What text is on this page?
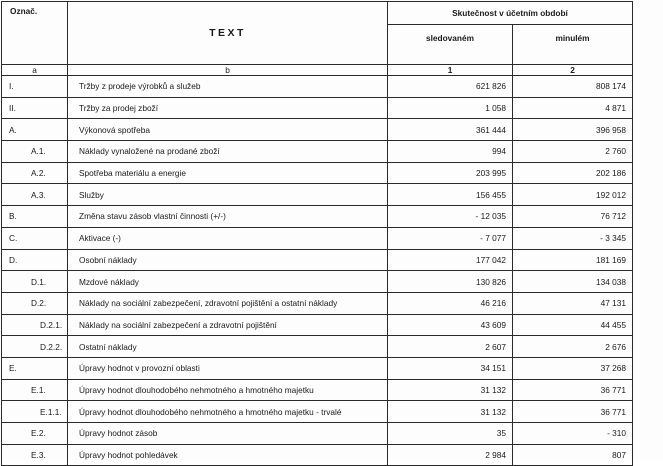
Označ.	TEXT	Skutečnost v účetním období	
		sledovaném	minulém
a	b	1	2
I.	Tržby z prodeje výrobků a služeb	621 826	808 174
II.	Tržby za prodej zboží	1 058	4 871
A.	Výkonová spotřeba	361 444	396 958
A.1.	Náklady vynaložené na prodané zboží	994	2 760
A.2.	Spotřeba materiálu a energie	203 995	202 186
A.3.	Služby	156 455	192 012
B.	Změna stavu zásob vlastní činnosti (+/-)	- 12 035	76 712
C.	Aktivace (-)	- 7 077	- 3 345
D.	Osobní náklady	177 042	181 169
D.1.	Mzdové náklady	130 826	134 038
D.2.	Náklady na sociální zabezpečení, zdravotní pojištění a ostatní náklady	46 216	47 131
D.2.1.	Náklady na sociální zabezpečení a zdravotní pojištění	43 609	44 455
D.2.2.	Ostatní náklady	2 607	2 676
E.	Úpravy hodnot v provozní oblasti	34 151	37 268
E.1.	Úpravy hodnot dlouhodobého nehmotného a hmotného majetku	31 132	36 771
E.1.1.	Úpravy hodnot dlouhodobého nehmotného a hmotného majetku - trvalé	31 132	36 771
E.2.	Úpravy hodnot zásob	35	- 310
E.3.	Úpravy hodnot pohledávek	2 984	807
